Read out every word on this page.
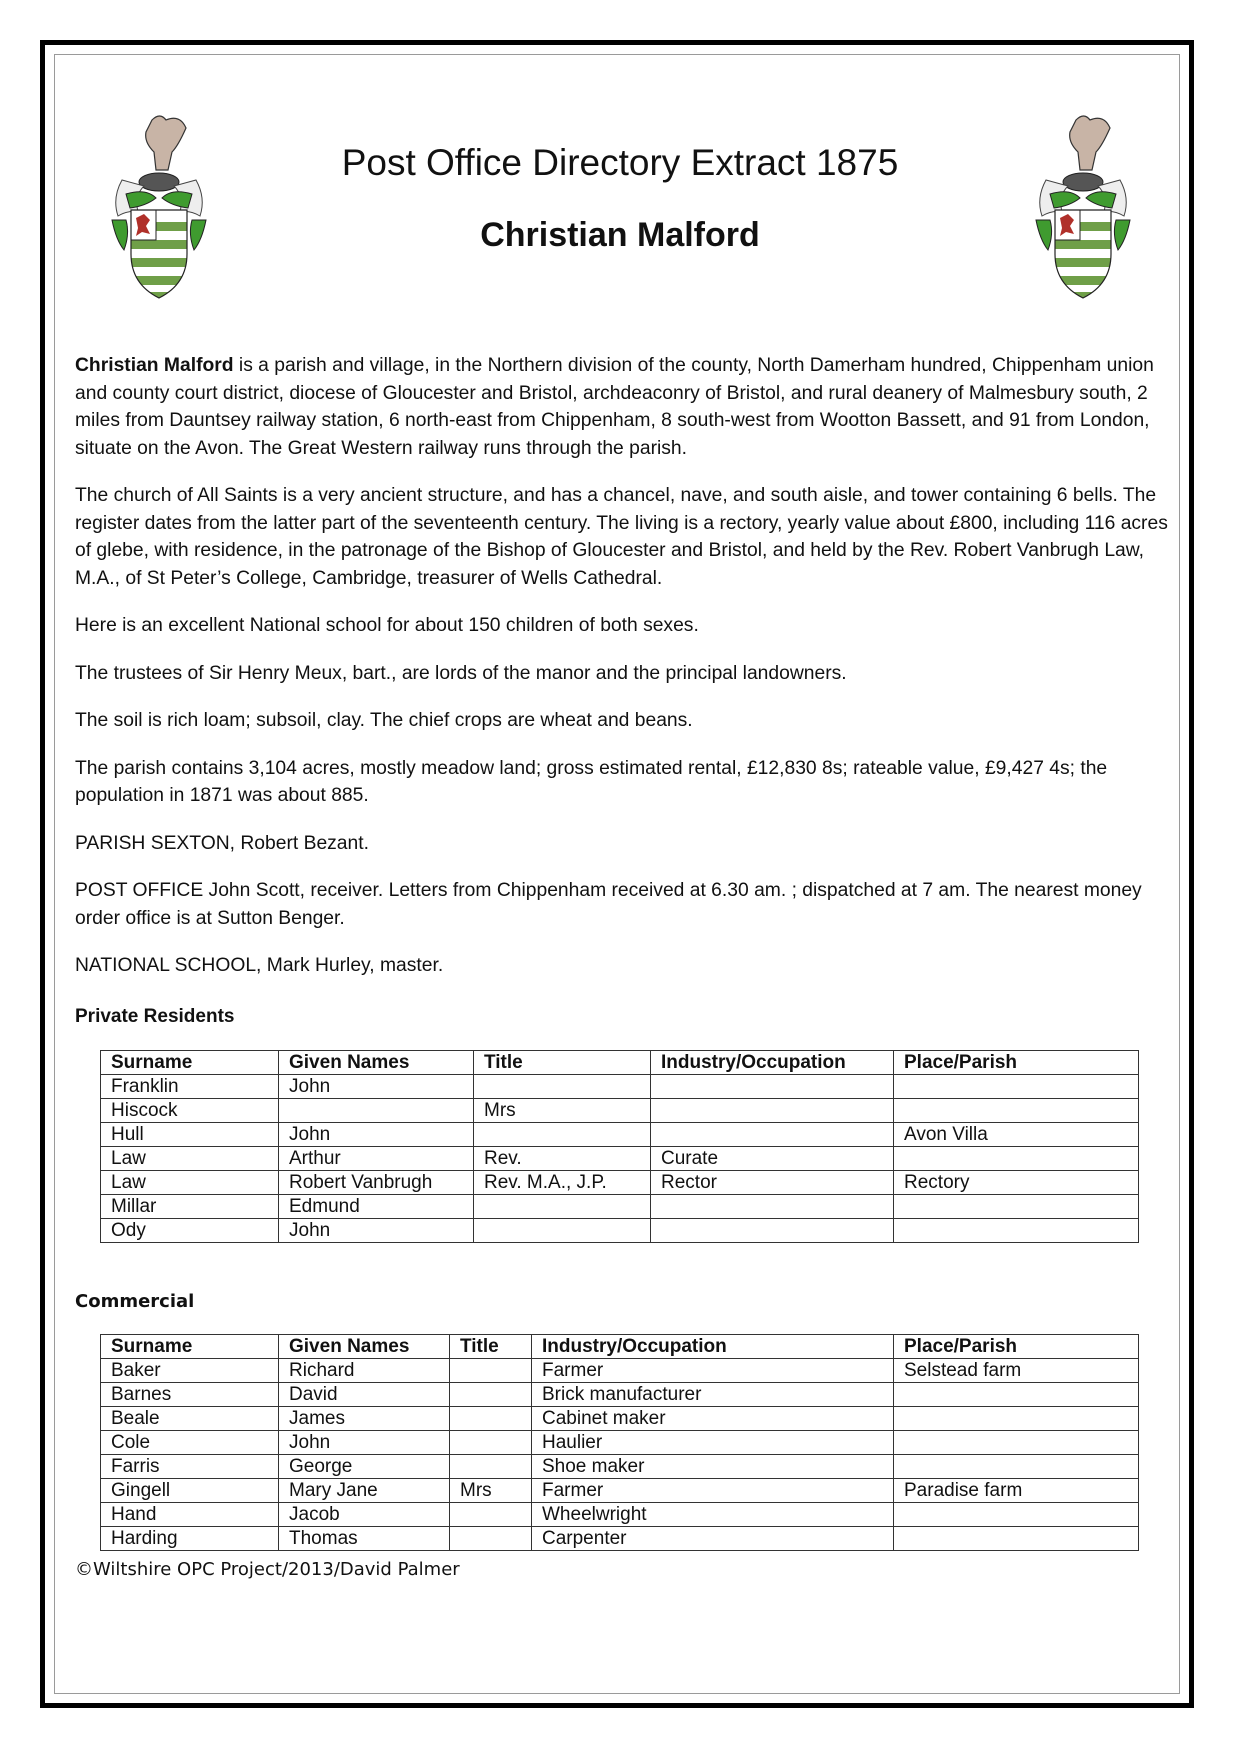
Post Office Directory Extract 1875
Christian Malford

Christian Malford is a parish and village, in the Northern division of the county, North Damerham hundred, Chippenham union and county court district, diocese of Gloucester and Bristol, archdeaconry of Bristol, and rural deanery of Malmesbury south, 2 miles from Dauntsey railway station, 6 north-east from Chippenham, 8 south-west from Wootton Bassett, and 91 from London, situate on the Avon. The Great Western railway runs through the parish.

The church of All Saints is a very ancient structure, and has a chancel, nave, and south aisle, and tower containing 6 bells. The register dates from the latter part of the seventeenth century. The living is a rectory, yearly value about £800, including 116 acres of glebe, with residence, in the patronage of the Bishop of Gloucester and Bristol, and held by the Rev. Robert Vanbrugh Law, M.A., of St Peter’s College, Cambridge, treasurer of Wells Cathedral.

Here is an excellent National school for about 150 children of both sexes.

The trustees of Sir Henry Meux, bart., are lords of the manor and the principal landowners.

The soil is rich loam; subsoil, clay. The chief crops are wheat and beans.

The parish contains 3,104 acres, mostly meadow land; gross estimated rental, £12,830 8s; rateable value, £9,427 4s; the population in 1871 was about 885.

PARISH SEXTON, Robert Bezant.

POST OFFICE John Scott, receiver. Letters from Chippenham received at 6.30 am. ; dispatched at 7 am. The nearest money order office is at Sutton Benger.

NATIONAL SCHOOL, Mark Hurley, master.

Private Residents
Surname	Given Names	Title	Industry/Occupation	Place/Parish
Franklin	John			
Hiscock		Mrs		
Hull	John			Avon Villa
Law	Arthur	Rev.	Curate	
Law	Robert Vanbrugh	Rev. M.A., J.P.	Rector	Rectory
Millar	Edmund			
Ody	John			
Commercial
Surname	Given Names	Title	Industry/Occupation	Place/Parish
Baker	Richard		Farmer	Selstead farm
Barnes	David		Brick manufacturer	
Beale	James		Cabinet maker	
Cole	John		Haulier	
Farris	George		Shoe maker	
Gingell	Mary Jane	Mrs	Farmer	Paradise farm
Hand	Jacob		Wheelwright	
Harding	Thomas		Carpenter	
©Wiltshire OPC Project/2013/David Palmer
